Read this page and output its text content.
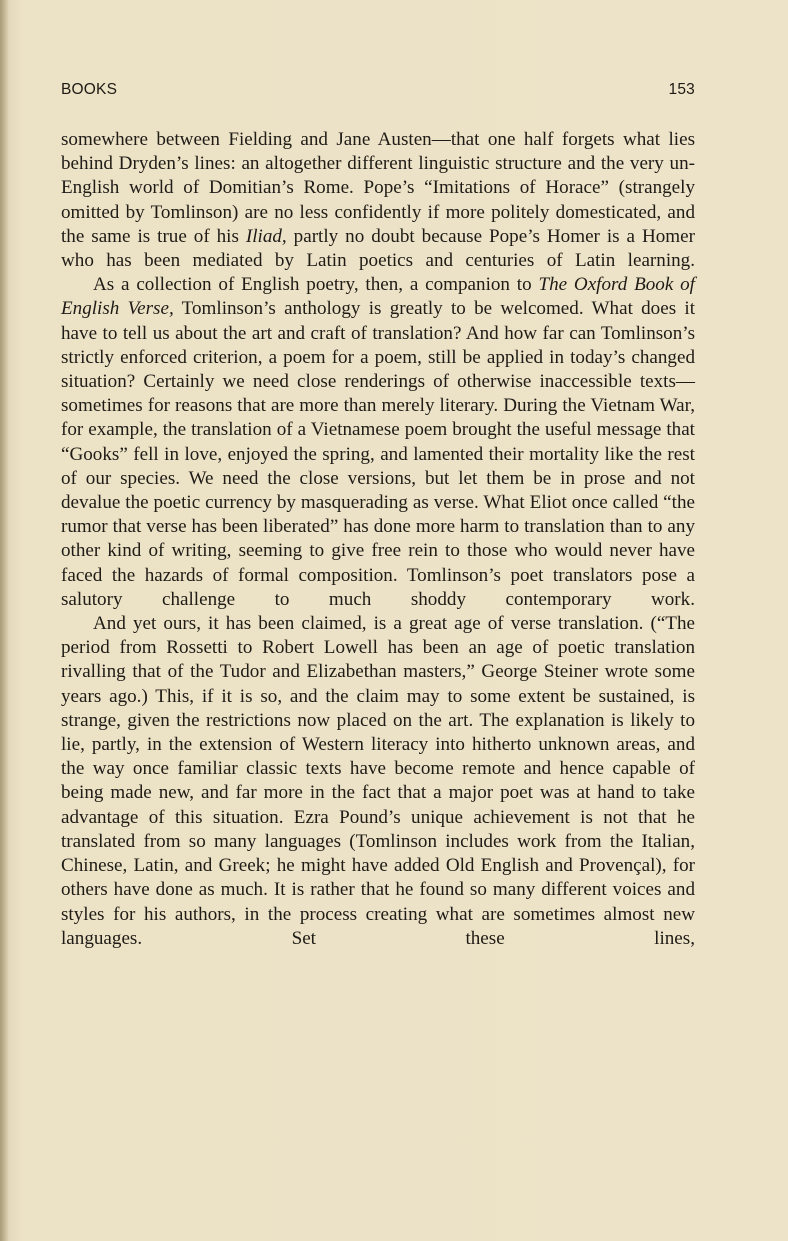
BOOKS	153

somewhere between Fielding and Jane Austen—that one half forgets what lies behind Dryden’s lines: an altogether different linguistic structure and the very un-English world of Domitian’s Rome. Pope’s “Imitations of Horace” (strangely omitted by Tomlinson) are no less confidently if more politely domesticated, and the same is true of his Iliad, partly no doubt because Pope’s Homer is a Homer who has been mediated by Latin poetics and centuries of Latin learning.

As a collection of English poetry, then, a companion to The Oxford Book of English Verse, Tomlinson’s anthology is greatly to be welcomed. What does it have to tell us about the art and craft of translation? And how far can Tomlinson’s strictly enforced criterion, a poem for a poem, still be applied in today’s changed situation? Certainly we need close renderings of otherwise inaccessible texts—sometimes for reasons that are more than merely literary. During the Vietnam War, for example, the translation of a Vietnamese poem brought the useful message that “Gooks” fell in love, enjoyed the spring, and lamented their mortality like the rest of our species. We need the close versions, but let them be in prose and not devalue the poetic currency by masquerading as verse. What Eliot once called “the rumor that verse has been liberated” has done more harm to translation than to any other kind of writing, seeming to give free rein to those who would never have faced the hazards of formal composition. Tomlinson’s poet translators pose a salutory challenge to much shoddy contemporary work.

And yet ours, it has been claimed, is a great age of verse translation. (“The period from Rossetti to Robert Lowell has been an age of poetic translation rivalling that of the Tudor and Elizabethan masters,” George Steiner wrote some years ago.) This, if it is so, and the claim may to some extent be sustained, is strange, given the restrictions now placed on the art. The explanation is likely to lie, partly, in the extension of Western literacy into hitherto unknown areas, and the way once familiar classic texts have become remote and hence capable of being made new, and far more in the fact that a major poet was at hand to take advantage of this situation. Ezra Pound’s unique achievement is not that he translated from so many languages (Tomlinson includes work from the Italian, Chinese, Latin, and Greek; he might have added Old English and Provençal), for others have done as much. It is rather that he found so many different voices and styles for his authors, in the process creating what are sometimes almost new languages. Set these lines,
